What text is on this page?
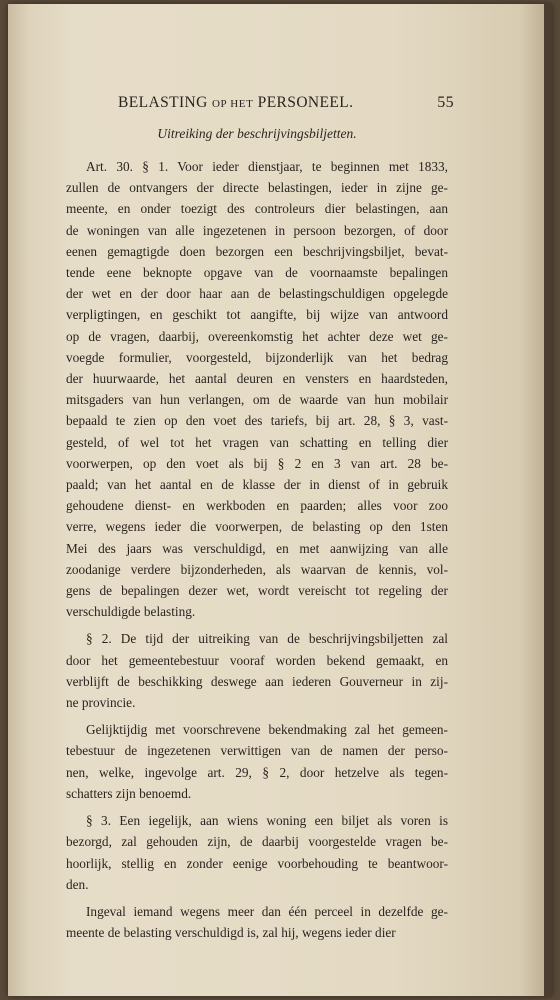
BELASTING OP HET PERSONEEL.	55
Uitreiking der beschrijvingsbiljetten.
Art. 30. § 1. Voor ieder dienstjaar, te beginnen met 1833,
zullen de ontvangers der directe belastingen, ieder in zijne ge-
meente, en onder toezigt des controleurs dier belastingen, aan
de woningen van alle ingezetenen in persoon bezorgen, of door
eenen gemagtigde doen bezorgen een beschrijvingsbiljet, bevat-
tende eene beknopte opgave van de voornaamste bepalingen
der wet en der door haar aan de belastingschuldigen opgelegde
verpligtingen, en geschikt tot aangifte, bij wijze van antwoord
op de vragen, daarbij, overeenkomstig het achter deze wet ge-
voegde formulier, voorgesteld, bijzonderlijk van het bedrag
der huurwaarde, het aantal deuren en vensters en haardsteden,
mitsgaders van hun verlangen, om de waarde van hun mobilair
bepaald te zien op den voet des tariefs, bij art. 28, § 3, vast-
gesteld, of wel tot het vragen van schatting en telling dier
voorwerpen, op den voet als bij § 2 en 3 van art. 28 be-
paald; van het aantal en de klasse der in dienst of in gebruik
gehoudene dienst- en werkboden en paarden; alles voor zoo
verre, wegens ieder die voorwerpen, de belasting op den 1sten
Mei des jaars was verschuldigd, en met aanwijzing van alle
zoodanige verdere bijzonderheden, als waarvan de kennis, vol-
gens de bepalingen dezer wet, wordt vereischt tot regeling der
verschuldigde belasting.
§ 2. De tijd der uitreiking van de beschrijvingsbiljetten zal
door het gemeentebestuur vooraf worden bekend gemaakt, en
verblijft de beschikking deswege aan iederen Gouverneur in zij-
ne provincie.
Gelijktijdig met voorschrevene bekendmaking zal het gemeen-
tebestuur de ingezetenen verwittigen van de namen der perso-
nen, welke, ingevolge art. 29, § 2, door hetzelve als tegen-
schatters zijn benoemd.
§ 3. Een iegelijk, aan wiens woning een biljet als voren is
bezorgd, zal gehouden zijn, de daarbij voorgestelde vragen be-
hoorlijk, stellig en zonder eenige voorbehouding te beantwoor-
den.
Ingeval iemand wegens meer dan één perceel in dezelfde ge-
meente de belasting verschuldigd is, zal hij, wegens ieder dier
